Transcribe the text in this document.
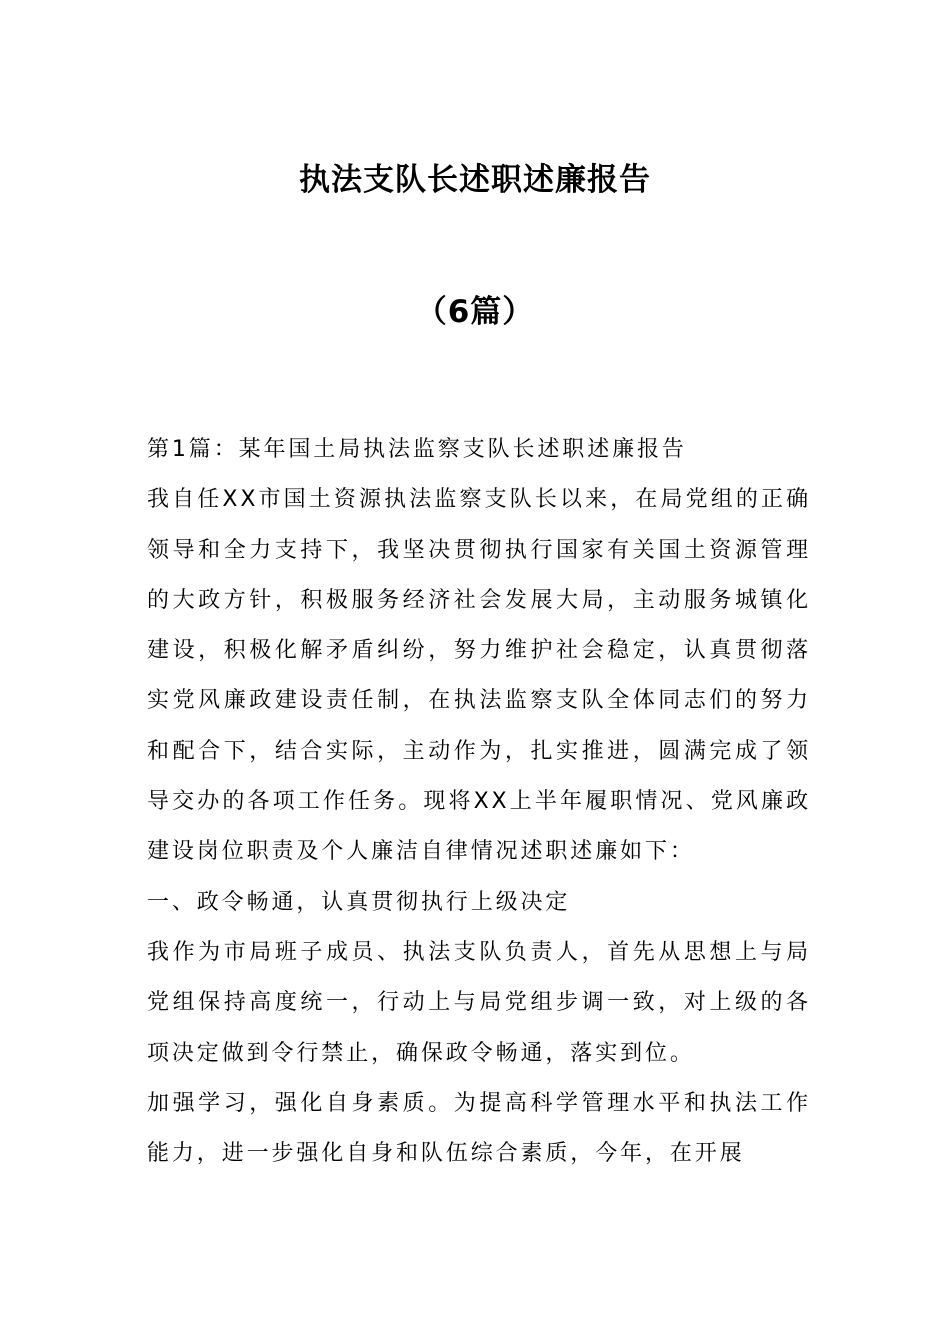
执法支队长述职述廉报告
（6篇）

第1篇：某年国土局执法监察支队长述职述廉报告

我自任XX市国土资源执法监察支队长以来，在局党组的正确领导和全力支持下，我坚决贯彻执行国家有关国土资源管理的大政方针，积极服务经济社会发展大局，主动服务城镇化建设，积极化解矛盾纠纷，努力维护社会稳定，认真贯彻落实党风廉政建设责任制，在执法监察支队全体同志们的努力和配合下，结合实际，主动作为，扎实推进，圆满完成了领导交办的各项工作任务。现将XX上半年履职情况、党风廉政建设岗位职责及个人廉洁自律情况述职述廉如下：

一、政令畅通，认真贯彻执行上级决定

我作为市局班子成员、执法支队负责人，首先从思想上与局党组保持高度统一，行动上与局党组步调一致，对上级的各项决定做到令行禁止，确保政令畅通，落实到位。

加强学习，强化自身素质。为提高科学管理水平和执法工作能力，进一步强化自身和队伍综合素质，今年，在开展
